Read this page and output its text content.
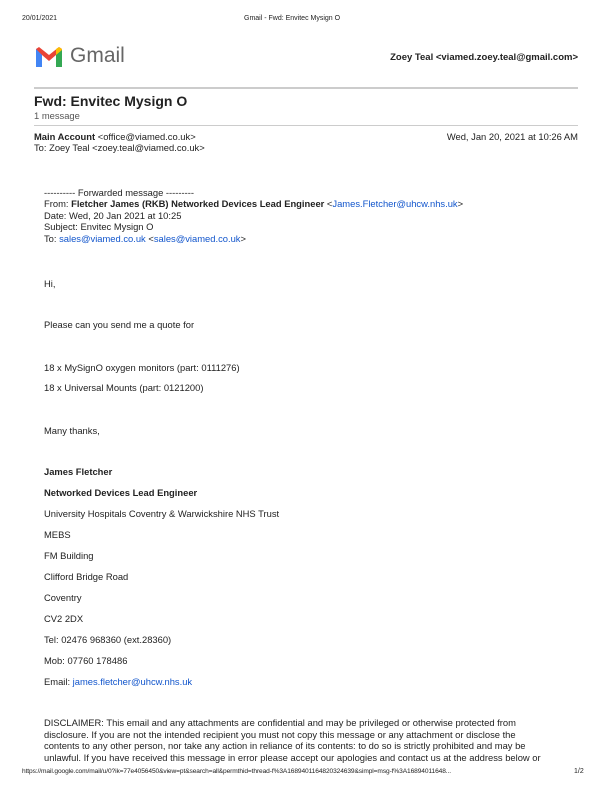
20/01/2021	Gmail - Fwd: Envitec Mysign O
Gmail	Zoey Teal <viamed.zoey.teal@gmail.com>
Fwd: Envitec Mysign O
1 message
Main Account <office@viamed.co.uk>	Wed, Jan 20, 2021 at 10:26 AM
To: Zoey Teal <zoey.teal@viamed.co.uk>
---------- Forwarded message ---------
From: Fletcher James (RKB) Networked Devices Lead Engineer <James.Fletcher@uhcw.nhs.uk>
Date: Wed, 20 Jan 2021 at 10:25
Subject: Envitec Mysign O
To: sales@viamed.co.uk <sales@viamed.co.uk>
Hi,
Please can you send me a quote for
18 x MySignO oxygen monitors (part: 0111276)
18 x Universal Mounts (part: 0121200)
Many thanks,
James Fletcher
Networked Devices Lead Engineer
University Hospitals Coventry & Warwickshire NHS Trust
MEBS
FM Building
Clifford Bridge Road
Coventry
CV2 2DX
Tel: 02476 968360 (ext.28360)
Mob: 07760 178486
Email: james.fletcher@uhcw.nhs.uk
DISCLAIMER: This email and any attachments are confidential and may be privileged or otherwise protected from
disclosure. If you are not the intended recipient you must not copy this message or any attachment or disclose the
contents to any other person, nor take any action in reliance of its contents: to do so is strictly prohibited and may be
unlawful. If you have received this message in error please accept our apologies and contact us at the address below or
https://mail.google.com/mail/u/0?ik=77e4056450&view=pt&search=all&permthid=thread-f%3A1689401164820324639&simpl=msg-f%3A16894011648...	1/2
